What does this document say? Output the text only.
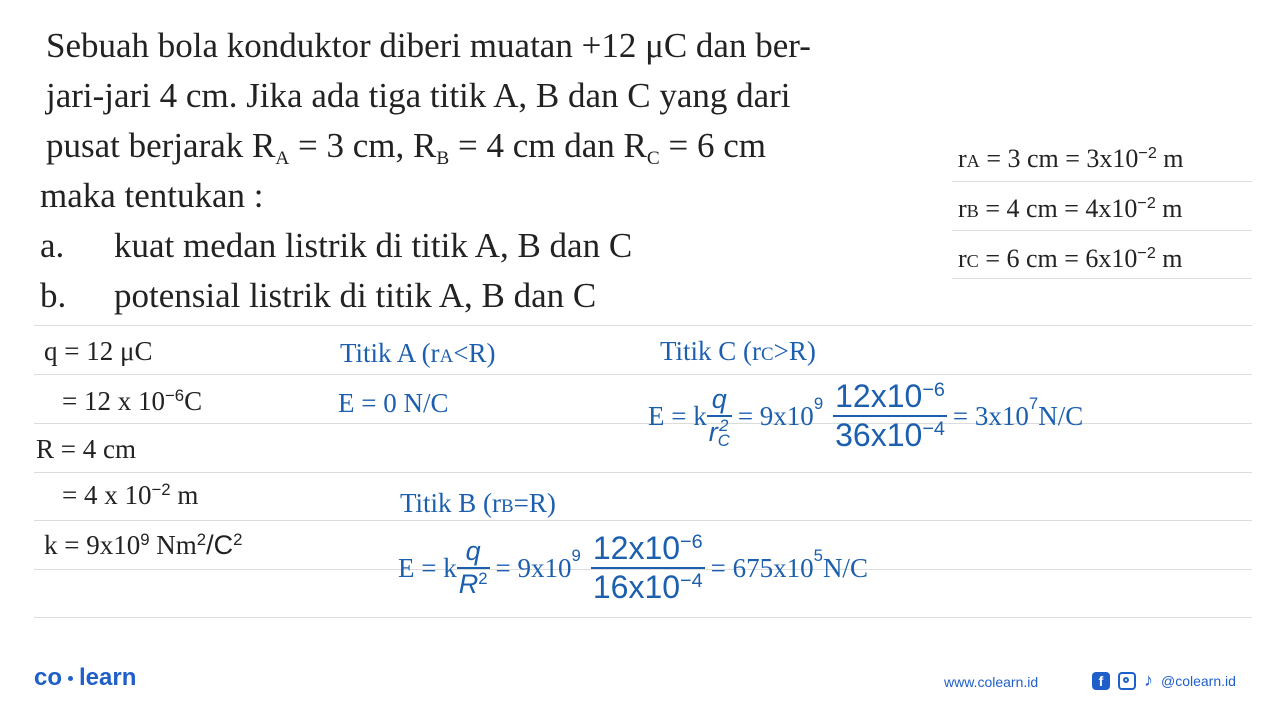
Sebuah bola konduktor diberi muatan +12 μC dan ber-
jari-jari 4 cm. Jika ada tiga titik A, B dan C yang dari
pusat berjarak $R_A = 3$ cm, $R_B = 4$ cm dan $R_C = 6$ cm
maka tentukan :
a. kuat medan listrik di titik A, B dan C
b. potensial listrik di titik A, B dan C
rA = 3 cm = $3x10^{-2}$ m
rB = 4 cm = $4x10^{-2}$ m
rC = 6 cm = $6x10^{-2}$ m
q = 12 μC
= 12 x $10^{-6}C$
R = 4 cm
= 4 x $10^{-2}$ m
$k = 9x10^9$ $Nm^2/C^2$
Titik A (rA<R)
E = 0 N/C
Titik C (rC>R)
E = k q
r 2
$C = 9x10^9 \frac{12x10^{-6}}{36x10^{-4}} = 3x10^7$ N/C
Titik B (rB=R)
E = k $\frac{q}{R^2} = 9x10^9 \frac{12x10^{-6}}{16x10^{-4}} = 675x10^5$ N/C
co learn	www.colearn.id	f	♪ @colearn.id
